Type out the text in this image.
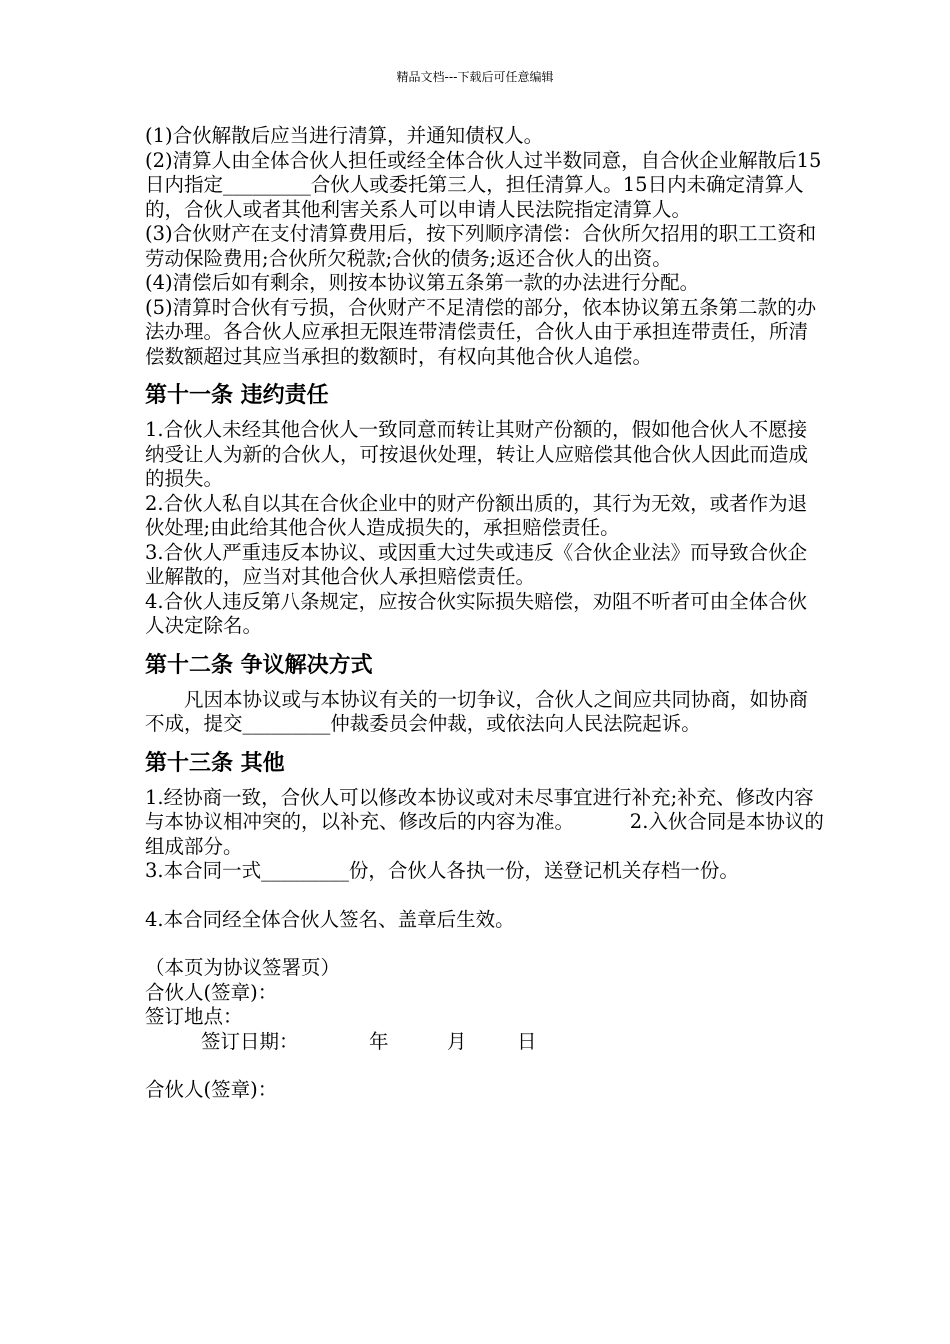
精品文档---下载后可任意编辑

(1)合伙解散后应当进行清算，并通知债权人。

(2)清算人由全体合伙人担任或经全体合伙人过半数同意，自合伙企业解散后15日内指定_________合伙人或委托第三人，担任清算人。15日内未确定清算人的，合伙人或者其他利害关系人可以申请人民法院指定清算人。

(3)合伙财产在支付清算费用后，按下列顺序清偿：合伙所欠招用的职工工资和劳动保险费用;合伙所欠税款;合伙的债务;返还合伙人的出资。

(4)清偿后如有剩余，则按本协议第五条第一款的办法进行分配。

(5)清算时合伙有亏损，合伙财产不足清偿的部分，依本协议第五条第二款的办法办理。各合伙人应承担无限连带清偿责任，合伙人由于承担连带责任，所清偿数额超过其应当承担的数额时，有权向其他合伙人追偿。

第十一条 违约责任

1.合伙人未经其他合伙人一致同意而转让其财产份额的，假如他合伙人不愿接纳受让人为新的合伙人，可按退伙处理，转让人应赔偿其他合伙人因此而造成的损失。

2.合伙人私自以其在合伙企业中的财产份额出质的，其行为无效，或者作为退伙处理;由此给其他合伙人造成损失的，承担赔偿责任。

3.合伙人严重违反本协议、或因重大过失或违反《合伙企业法》而导致合伙企业解散的，应当对其他合伙人承担赔偿责任。

4.合伙人违反第八条规定，应按合伙实际损失赔偿，劝阻不听者可由全体合伙人决定除名。

第十二条 争议解决方式

凡因本协议或与本协议有关的一切争议，合伙人之间应共同协商，如协商不成，提交_________仲裁委员会仲裁，或依法向人民法院起诉。

第十三条 其他

1.经协商一致，合伙人可以修改本协议或对未尽事宜进行补充;补充、修改内容与本协议相冲突的，以补充、修改后的内容为准。         2.入伙合同是本协议的组成部分。

3.本合同一式_________份，合伙人各执一份，送登记机关存档一份。

4.本合同经全体合伙人签名、盖章后生效。

（本页为协议签署页）

合伙人(签章)：

签订地点：

签订日期：	年	月	日

合伙人(签章)：
